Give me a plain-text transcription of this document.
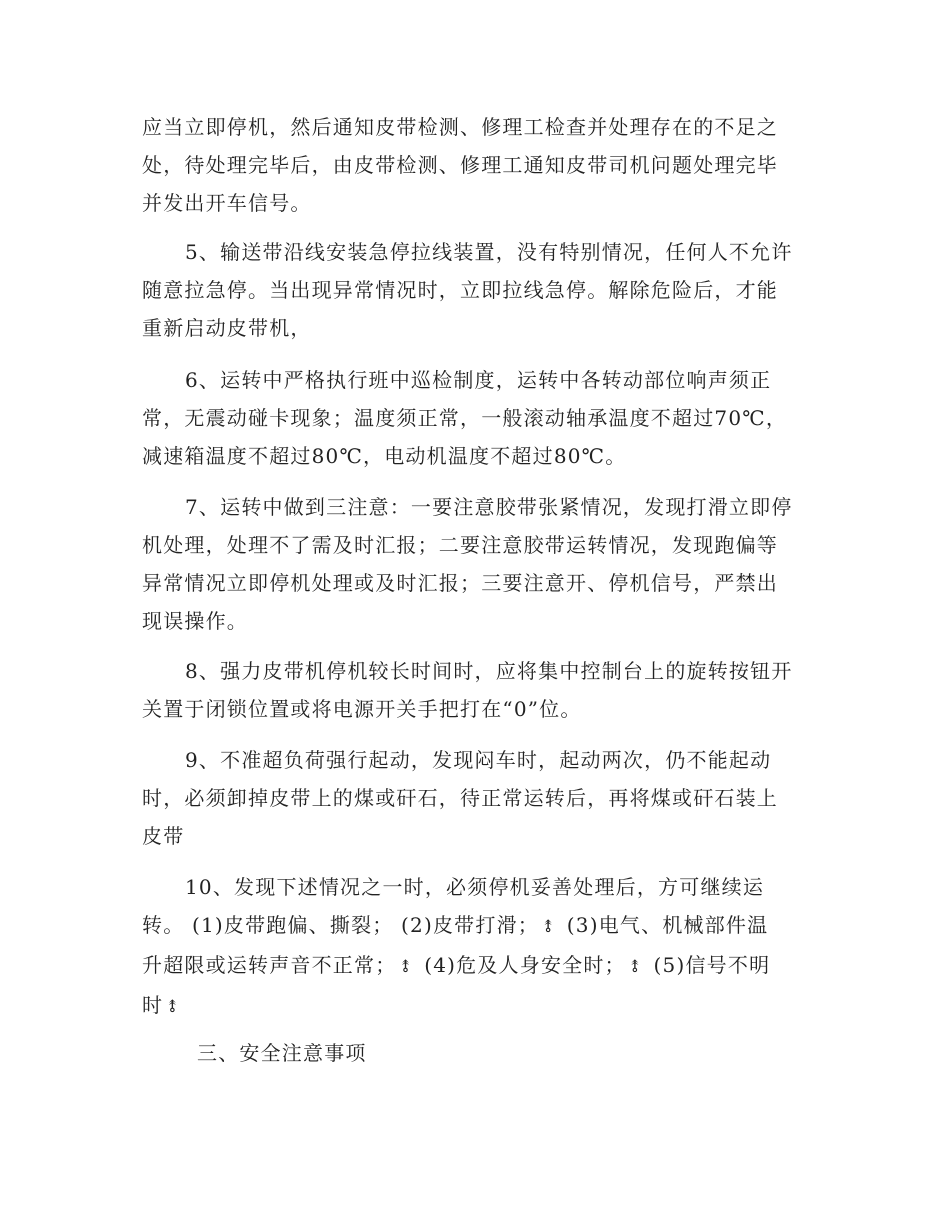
应当立即停机，然后通知皮带检测、修理工检查并处理存在的不足之
处，待处理完毕后，由皮带检测、修理工通知皮带司机问题处理完毕
并发出开车信号。

5、输送带沿线安装急停拉线装置，没有特别情况，任何人不允许
随意拉急停。当出现异常情况时，立即拉线急停。解除危险后，才能
重新启动皮带机，

6、运转中严格执行班中巡检制度，运转中各转动部位响声须正
常，无震动碰卡现象；温度须正常，一般滚动轴承温度不超过70℃，
减速箱温度不超过80℃，电动机温度不超过80℃。

7、运转中做到三注意：一要注意胶带张紧情况，发现打滑立即停
机处理，处理不了需及时汇报；二要注意胶带运转情况，发现跑偏等
异常情况立即停机处理或及时汇报；三要注意开、停机信号，严禁出
现误操作。

8、强力皮带机停机较长时间时，应将集中控制台上的旋转按钮开
关置于闭锁位置或将电源开关手把打在“0”位。

9、不准超负荷强行起动，发现闷车时，起动两次，仍不能起动
时，必须卸掉皮带上的煤或矸石，待正常运转后，再将煤或矸石装上
皮带

10、发现下述情况之一时，必须停机妥善处理后，方可继续运
转。 (1)皮带跑偏、撕裂； (2)皮带打滑； ⥉ (3)电气、机械部件温
升超限或运转声音不正常； ⥉ (4)危及人身安全时； ⥉ (5)信号不明
时 ⥉

三、安全注意事项
